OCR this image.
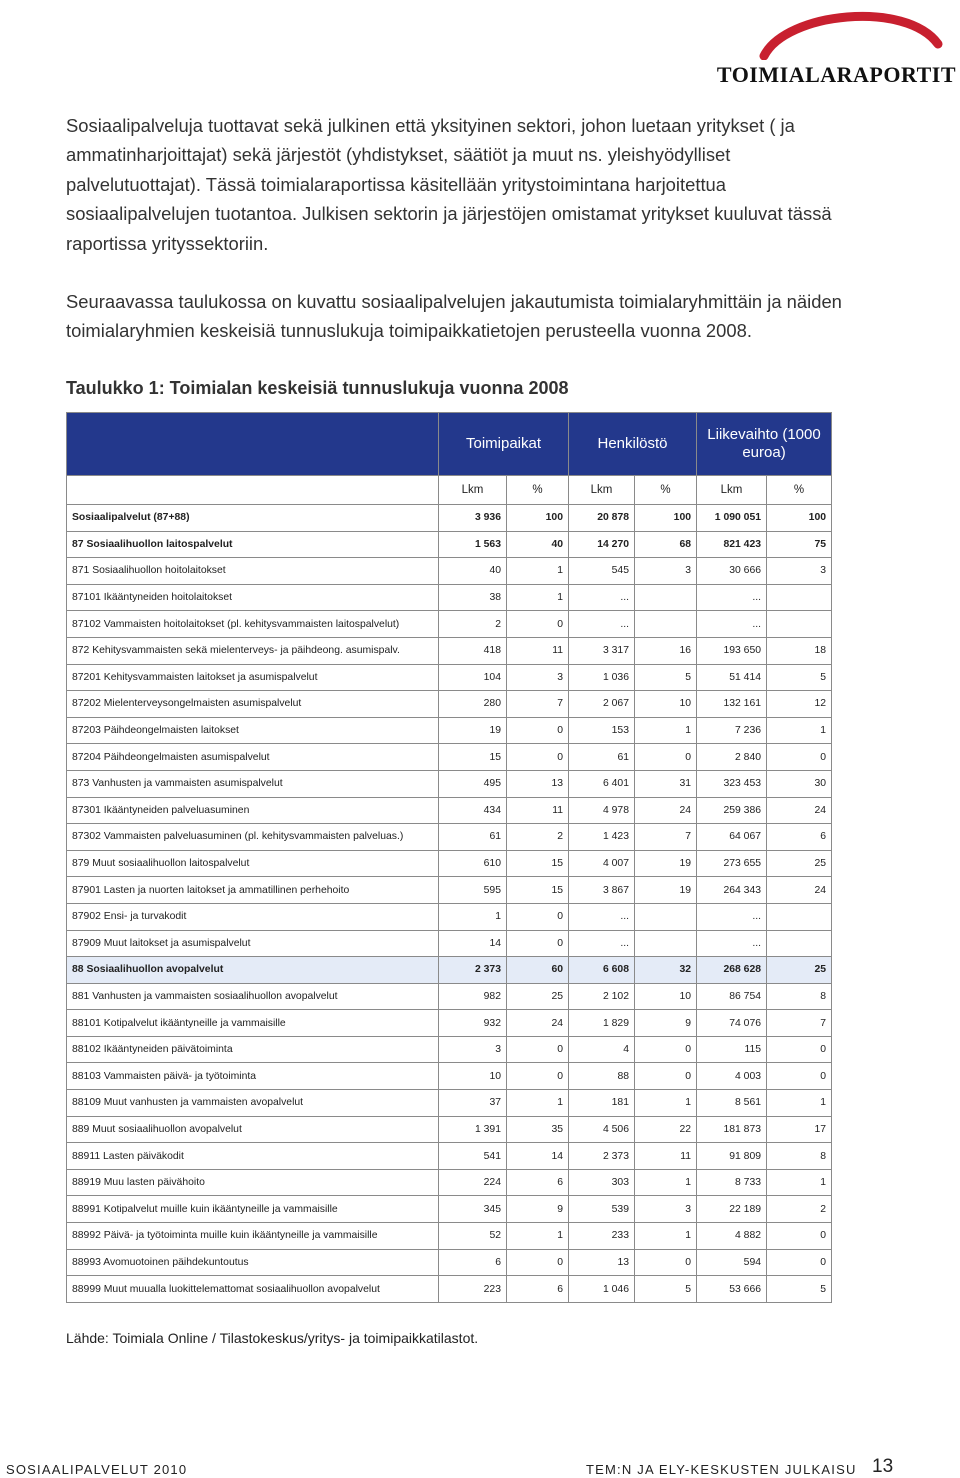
TOIMIALARAPORTIT

Sosiaalipalveluja tuottavat sekä julkinen että yksityinen sektori, johon luetaan yritykset ( ja ammatinharjoittajat) sekä järjestöt (yhdistykset, säätiöt ja muut ns. yleishyödylliset palvelutuottajat). Tässä toimialaraportissa käsitellään yritystoimintana harjoitettua sosiaalipalvelujen tuotantoa. Julkisen sektorin ja järjestöjen omistamat yritykset kuuluvat tässä raportissa yrityssektoriin.

Seuraavassa taulukossa on kuvattu sosiaalipalvelujen jakautumista toimialaryhmittäin ja näiden toimialaryhmien keskeisiä tunnuslukuja toimipaikkatietojen perusteella vuonna 2008.

Taulukko 1: Toimialan keskeisiä tunnuslukuja vuonna 2008

	Toimipaikat		Henkilöstö		Liikevaihto (1000 euroa)	
	Lkm	%	Lkm	%	Lkm	%
Sosiaalipalvelut (87+88)	3 936	100	20 878	100	1 090 051	100
87 Sosiaalihuollon laitospalvelut	1 563	40	14 270	68	821 423	75
871 Sosiaalihuollon hoitolaitokset	40	1	545	3	30 666	3
87101 Ikääntyneiden hoitolaitokset	38	1	...		...	
87102 Vammaisten hoitolaitokset (pl. kehitysvammaisten laitospalvelut)	2	0	...		...	
872 Kehitysvammaisten sekä mielenterveys- ja päihdeong. asumispalv.	418	11	3 317	16	193 650	18
87201 Kehitysvammaisten laitokset ja asumispalvelut	104	3	1 036	5	51 414	5
87202 Mielenterveysongelmaisten asumispalvelut	280	7	2 067	10	132 161	12
87203 Päihdeongelmaisten laitokset	19	0	153	1	7 236	1
87204 Päihdeongelmaisten asumispalvelut	15	0	61	0	2 840	0
873 Vanhusten ja vammaisten asumispalvelut	495	13	6 401	31	323 453	30
87301 Ikääntyneiden palveluasuminen	434	11	4 978	24	259 386	24
87302 Vammaisten palveluasuminen (pl. kehitysvammaisten palveluas.)	61	2	1 423	7	64 067	6
879 Muut sosiaalihuollon laitospalvelut	610	15	4 007	19	273 655	25
87901 Lasten ja nuorten laitokset ja ammatillinen perhehoito	595	15	3 867	19	264 343	24
87902 Ensi- ja turvakodit	1	0	...		...	
87909 Muut laitokset ja asumispalvelut	14	0	...		...	
88 Sosiaalihuollon avopalvelut	2 373	60	6 608	32	268 628	25
881 Vanhusten ja vammaisten sosiaalihuollon avopalvelut	982	25	2 102	10	86 754	8
88101 Kotipalvelut ikääntyneille ja vammaisille	932	24	1 829	9	74 076	7
88102 Ikääntyneiden päivätoiminta	3	0	4	0	115	0
88103 Vammaisten päivä- ja työtoiminta	10	0	88	0	4 003	0
88109 Muut vanhusten ja vammaisten avopalvelut	37	1	181	1	8 561	1
889 Muut sosiaalihuollon avopalvelut	1 391	35	4 506	22	181 873	17
88911 Lasten päiväkodit	541	14	2 373	11	91 809	8
88919 Muu lasten päivähoito	224	6	303	1	8 733	1
88991 Kotipalvelut muille kuin ikääntyneille ja vammaisille	345	9	539	3	22 189	2
88992 Päivä- ja työtoiminta muille kuin ikääntyneille ja vammaisille	52	1	233	1	4 882	0
88993 Avomuotoinen päihdekuntoutus	6	0	13	0	594	0
88999 Muut muualla luokittelemattomat sosiaalihuollon avopalvelut	223	6	1 046	5	53 666	5

Lähde: Toimiala Online / Tilastokeskus/yritys- ja toimipaikkatilastot.

SOSIAALIPALVELUT 2010	TEM:N JA ELY-KESKUSTEN JULKAISU 13
